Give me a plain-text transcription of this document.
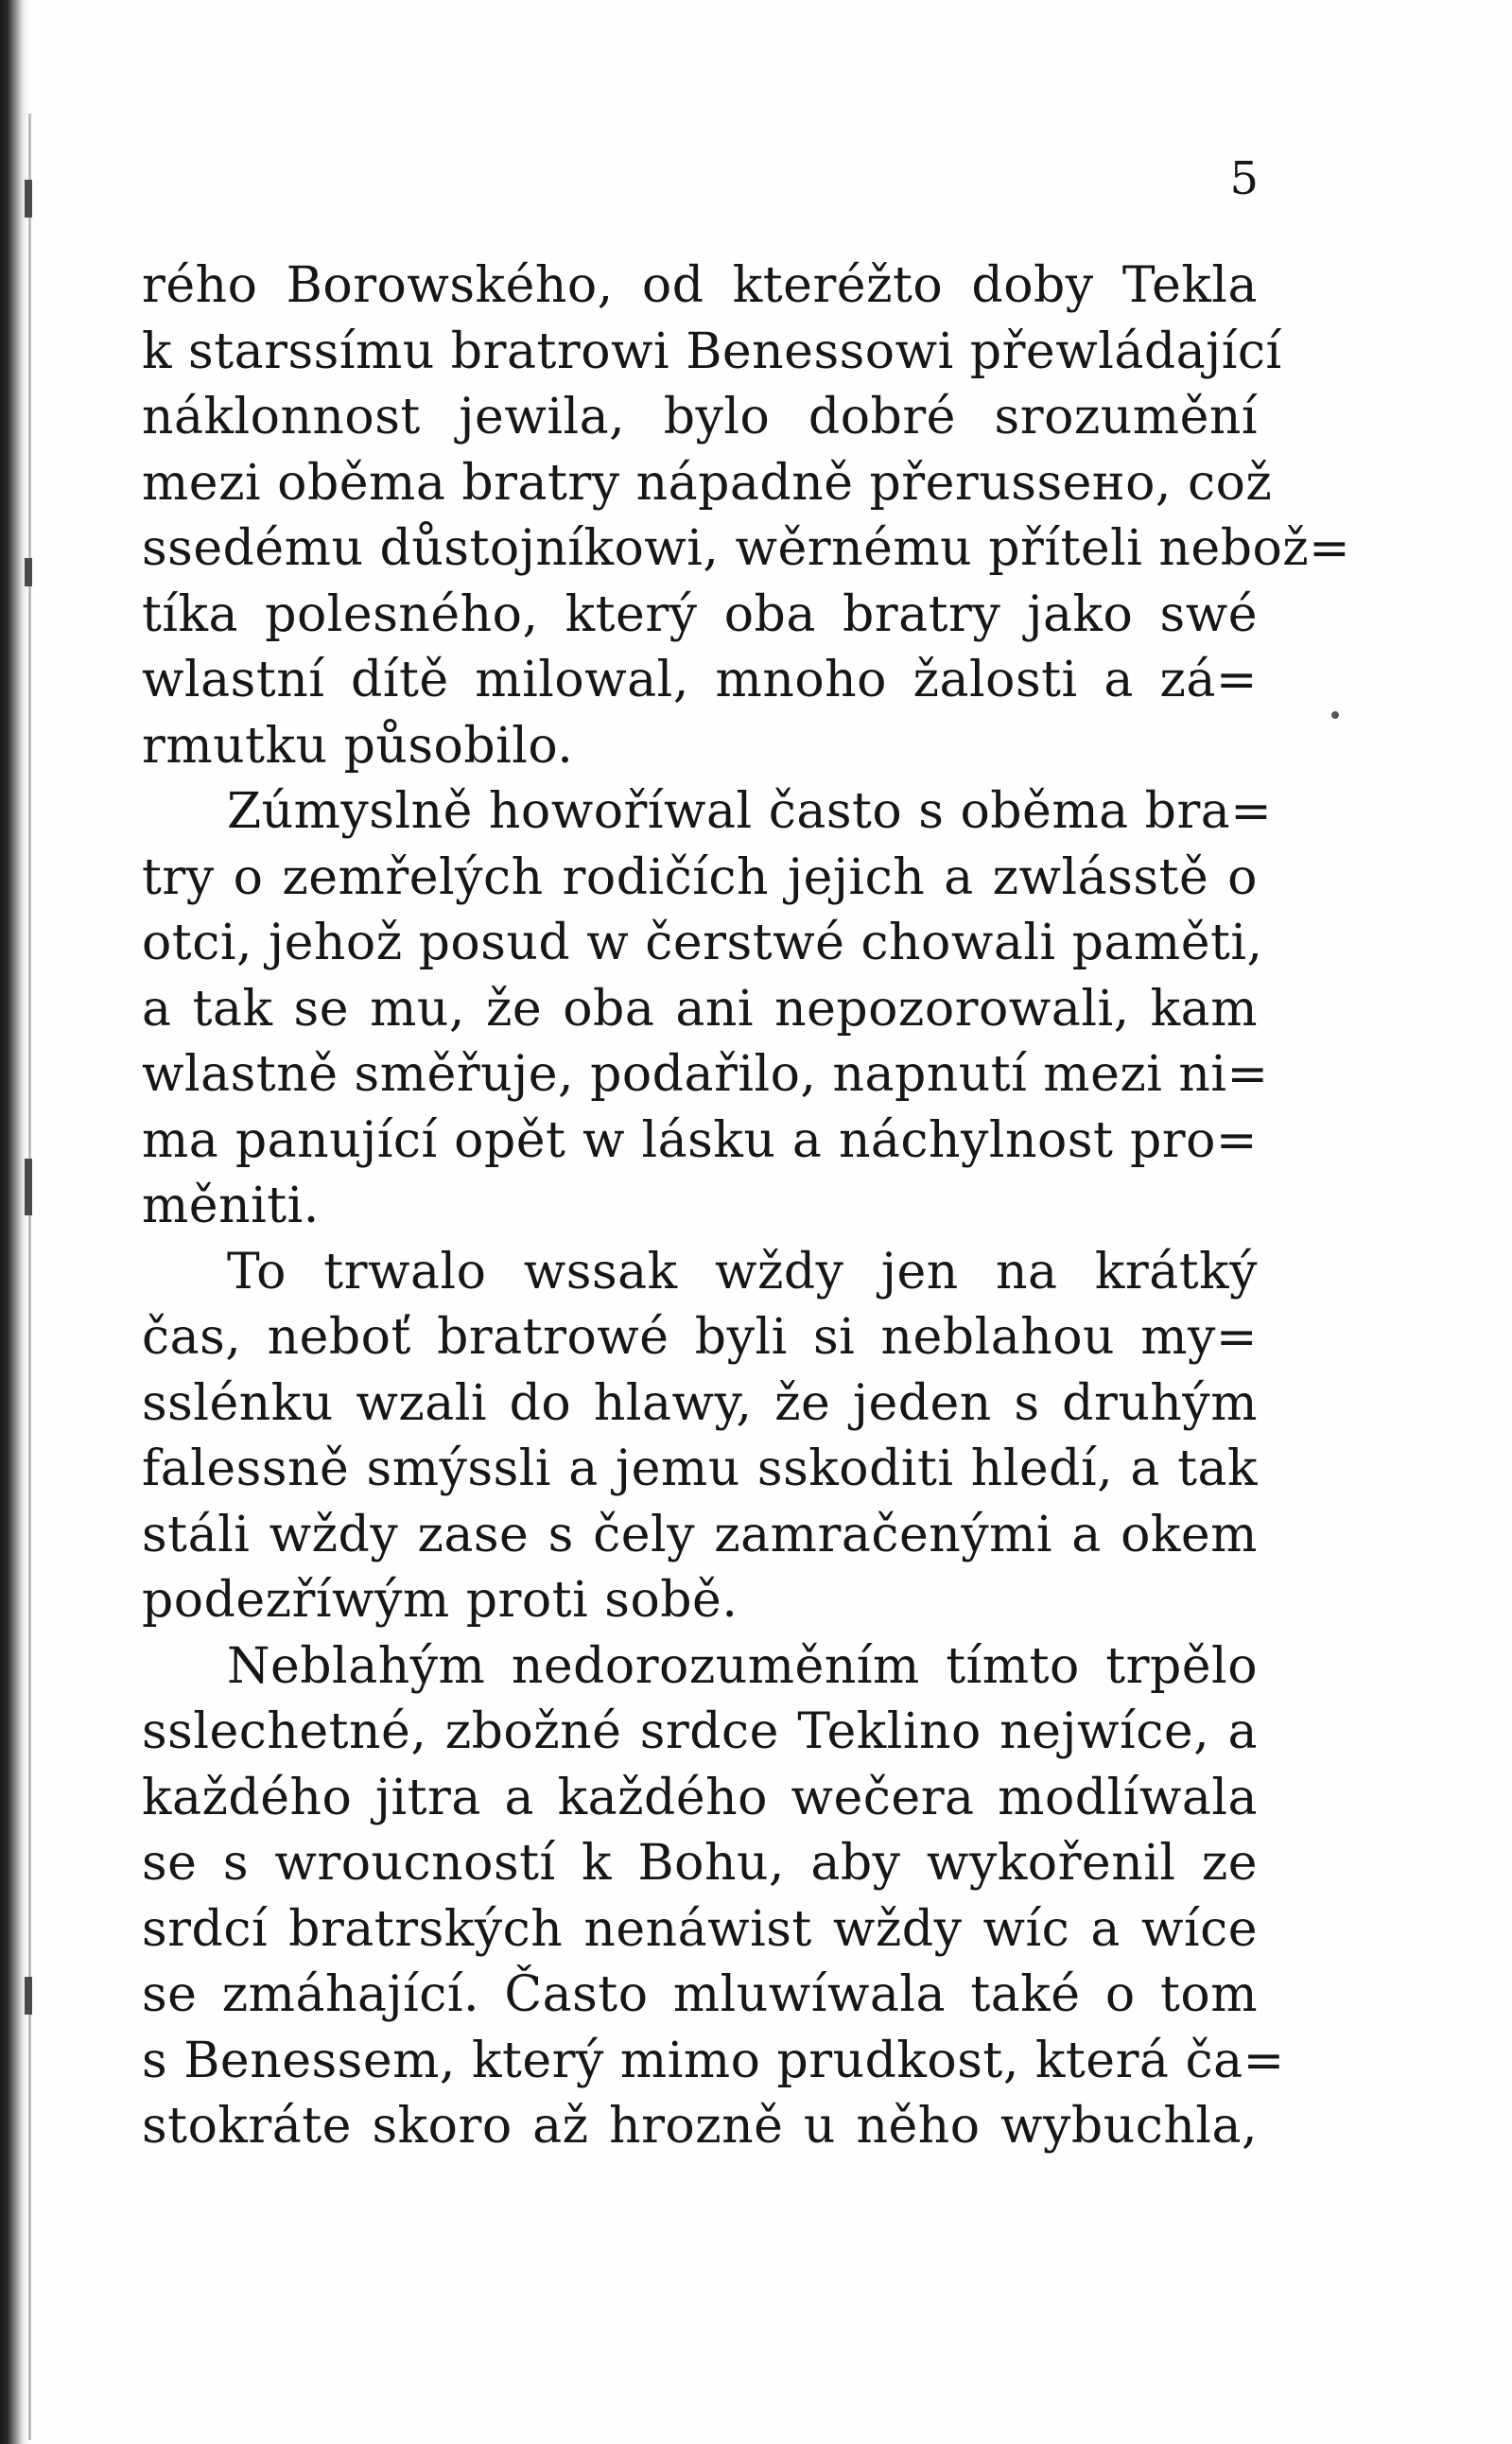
5
rého Borowského, od kteréžto doby Tekla
k starssímu bratrowi Benessowi přewládající
náklonnost jewila, bylo dobré srozumění
mezi oběma bratry nápadně přerussено, což
ssedému důstojníkowi, wěrnému příteli nebož=
tíka polesného, který oba bratry jako swé
wlastní dítě milowal, mnoho žalosti a zá=
rmutku působilo.
Zúmyslně howoříwal často s oběma bra=
try o zemřelých rodičích jejich a zwlásstě o
otci, jehož posud w čerstwé chowali paměti,
a tak se mu, že oba ani nepozorowali, kam
wlastně směřuje, podařilo, napnutí mezi ni=
ma panující opět w lásku a náchylnost pro=
měniti.
To trwalo wssak wždy jen na krátký
čas, neboť bratrowé byli si neblahou my=
sslénku wzali do hlawy, že jeden s druhým
falessně smýssli a jemu sskoditi hledí, a tak
stáli wždy zase s čely zamračenými a okem
podezříwým proti sobě.
Neblahým nedorozuměním tímto trpělo
sslechetné, zbožné srdce Teklino nejwíce, a
každého jitra a každého wečera modlíwala
se s wroucností k Bohu, aby wykořenil ze
srdcí bratrských nenáwist wždy wíc a wíce
se zmáhající. Často mluwíwala také o tom
s Benessem, který mimo prudkost, která ča=
stokráte skoro až hrozně u něho wybuchla,
